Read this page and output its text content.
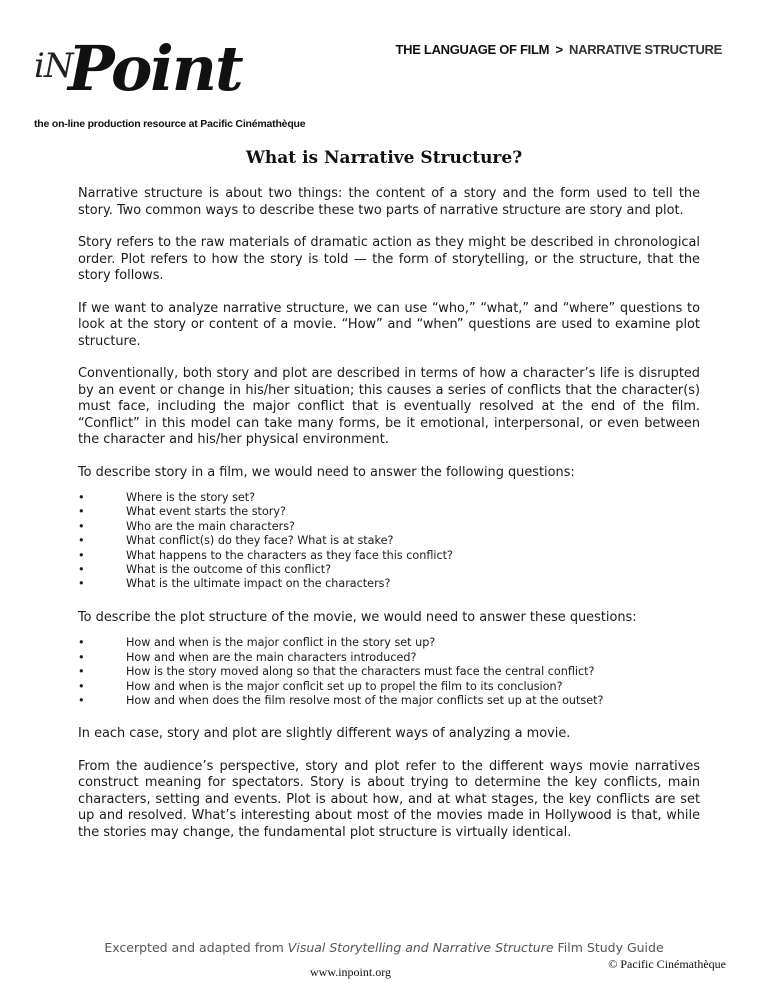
iN
Point
the on-line production resource at Pacific Cinémathèque
THE LANGUAGE OF FILM > NARRATIVE STRUCTURE
What is Narrative Structure?

Narrative structure is about two things: the content of a story and the form used to tell the story. Two common ways to describe these two parts of narrative structure are story and plot.

Story refers to the raw materials of dramatic action as they might be described in chronological order. Plot refers to how the story is told — the form of storytelling, or the structure, that the story follows.

If we want to analyze narrative structure, we can use “who,” “what,” and “where” questions to look at the story or content of a movie. “How” and “when” questions are used to examine plot structure.

Conventionally, both story and plot are described in terms of how a character’s life is disrupted by an event or change in his/her situation; this causes a series of conflicts that the character(s) must face, including the major conflict that is eventually resolved at the end of the film. “Conflict” in this model can take many forms, be it emotional, interpersonal, or even between the character and his/her physical environment.

To describe story in a film, we would need to answer the following questions:

•	Where is the story set?
•	What event starts the story?
•	Who are the main characters?
•	What conflict(s) do they face? What is at stake?
•	What happens to the characters as they face this conflict?
•	What is the outcome of this conflict?
•	What is the ultimate impact on the characters?

To describe the plot structure of the movie, we would need to answer these questions:

•	How and when is the major conflict in the story set up?
•	How and when are the main characters introduced?
•	How is the story moved along so that the characters must face the central conflict?
•	How and when is the major conflcit set up to propel the film to its conclusion?
•	How and when does the film resolve most of the major conflicts set up at the outset?

In each case, story and plot are slightly different ways of analyzing a movie.

From the audience’s perspective, story and plot refer to the different ways movie narratives construct meaning for spectators. Story is about trying to determine the key conflicts, main characters, setting and events. Plot is about how, and at what stages, the key conflicts are set up and resolved. What’s interesting about most of the movies made in Hollywood is that, while the stories may change, the fundamental plot structure is virtually identical.

Excerpted and adapted from Visual Storytelling and Narrative Structure Film Study Guide
www.inpoint.org
© Pacific Cinémathèque
